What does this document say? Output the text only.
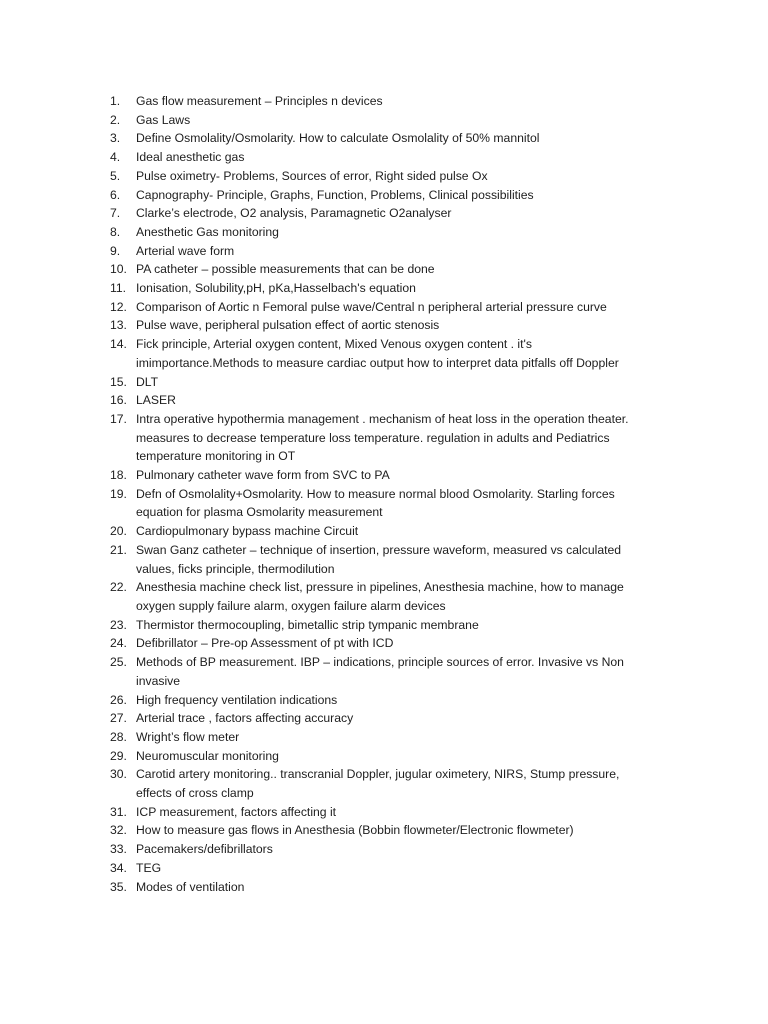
1.	Gas flow measurement – Principles n devices
2.	Gas Laws
3.	Define Osmolality/Osmolarity. How to calculate Osmolality of 50% mannitol
4.	Ideal anesthetic gas
5.	Pulse oximetry- Problems, Sources of error, Right sided pulse Ox
6.	Capnography- Principle, Graphs, Function, Problems, Clinical possibilities
7.	Clarke’s electrode, O2 analysis, Paramagnetic O2analyser
8.	Anesthetic Gas monitoring
9.	Arterial wave form
10. PA catheter – possible measurements that can be done
11. Ionisation, Solubility,pH, pKa,Hasselbach's equation
12. Comparison of Aortic n Femoral pulse wave/Central n peripheral arterial pressure curve
13. Pulse wave, peripheral pulsation effect of aortic stenosis
14. Fick principle, Arterial oxygen content, Mixed Venous oxygen content . it's
imimportance.Methods to measure cardiac output how to interpret data pitfalls off Doppler
15. DLT
16. LASER
17. Intra operative hypothermia management . mechanism of heat loss in the operation theater.
measures to decrease temperature loss temperature. regulation in adults and Pediatrics
temperature monitoring in OT
18. Pulmonary catheter wave form from SVC to PA
19. Defn of Osmolality+Osmolarity. How to measure normal blood Osmolarity. Starling forces
equation for plasma Osmolarity measurement
20. Cardiopulmonary bypass machine Circuit
21. Swan Ganz catheter – technique of insertion, pressure waveform, measured vs calculated
values, ficks principle, thermodilution
22. Anesthesia machine check list, pressure in pipelines, Anesthesia machine, how to manage
oxygen supply failure alarm, oxygen failure alarm devices
23. Thermistor thermocoupling, bimetallic strip tympanic membrane
24. Defibrillator – Pre-op Assessment of pt with ICD
25. Methods of BP measurement. IBP – indications, principle sources of error. Invasive vs Non
invasive
26. High frequency ventilation indications
27. Arterial trace , factors affecting accuracy
28. Wright’s flow meter
29. Neuromuscular monitoring
30. Carotid artery monitoring.. transcranial Doppler, jugular oximetery, NIRS, Stump pressure,
effects of cross clamp
31. ICP measurement, factors affecting it
32. How to measure gas flows in Anesthesia (Bobbin flowmeter/Electronic flowmeter)
33. Pacemakers/defibrillators
34. TEG
35. Modes of ventilation
